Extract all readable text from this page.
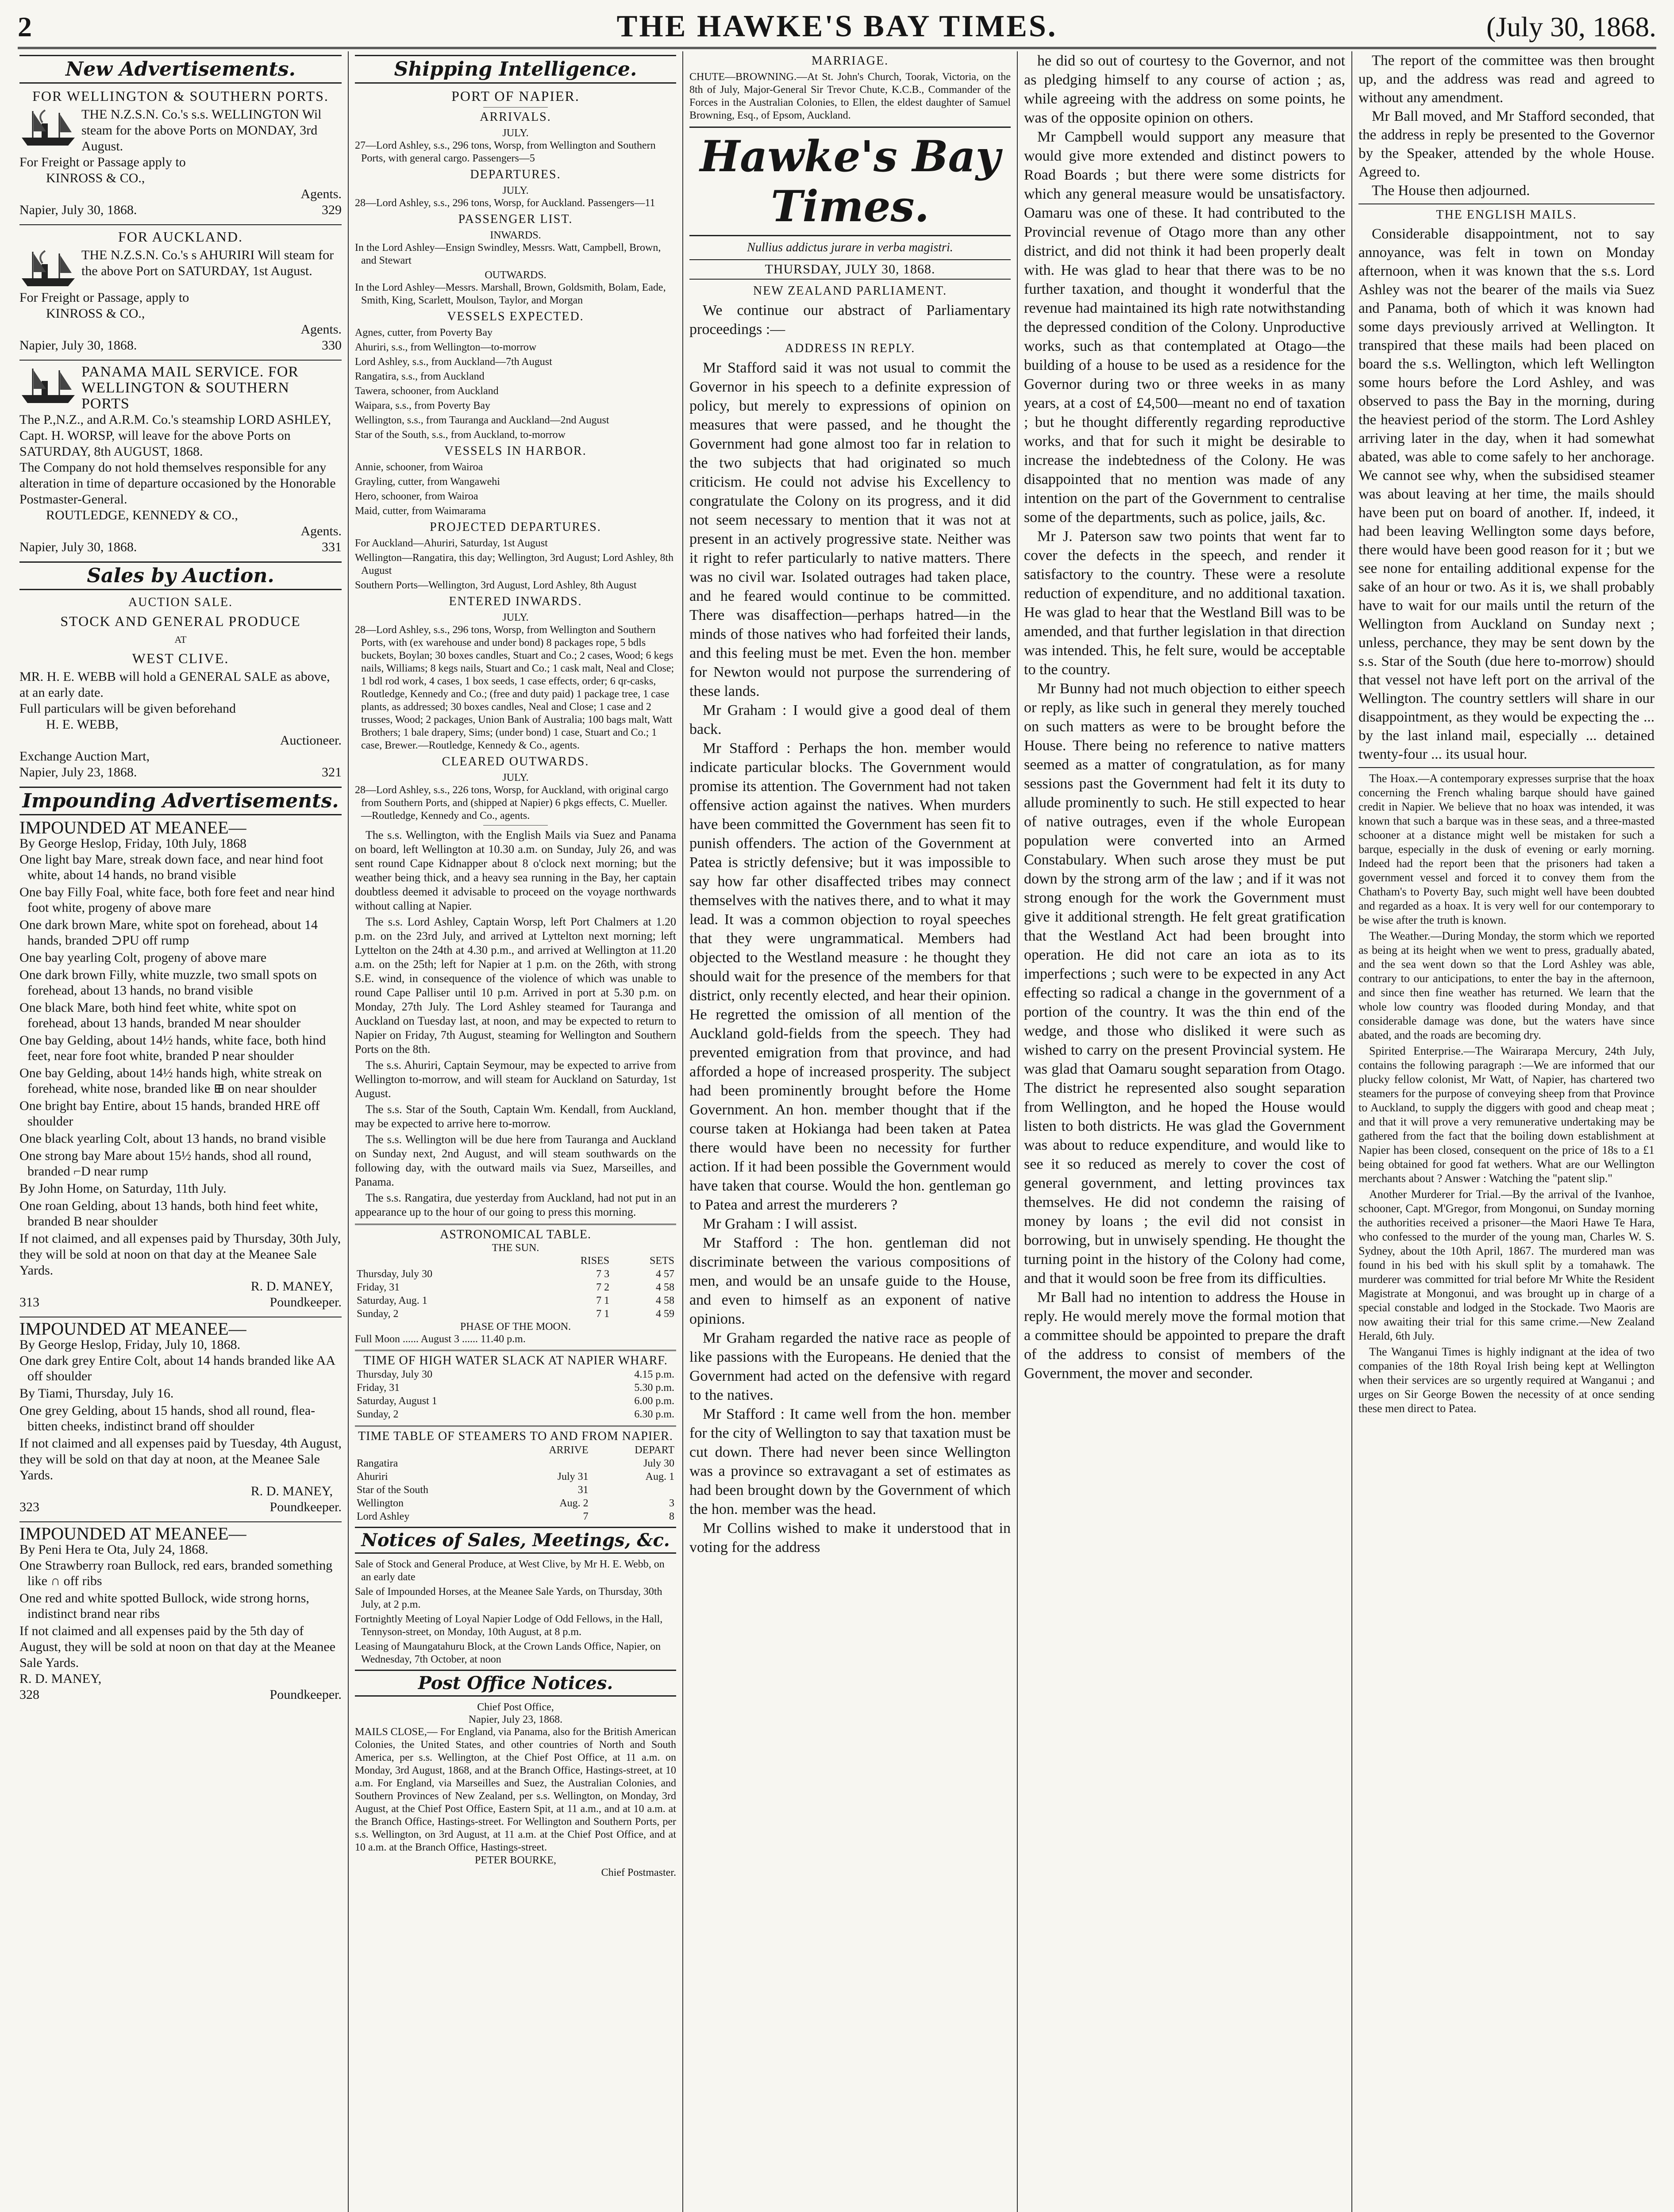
2	THE HAWKE'S BAY TIMES.	(July 30, 1868.
New Advertisements.
FOR WELLINGTON & SOUTHERN PORTS.
THE N.Z.S.N. Co.'s s.s. WELLINGTON Wil steam for the above Ports on MONDAY, 3rd August.
For Freight or Passage apply to
KINROSS & CO.,
Agents.
Napier, July 30, 1868.	329
FOR AUCKLAND.
THE N.Z.S.N. Co.'s s AHURIRI Will steam for the above Port on SATURDAY, 1st August.
For Freight or Passage, apply to
KINROSS & CO.,
Agents.
Napier, July 30, 1868.	330
PANAMA MAIL SERVICE. FOR WELLINGTON & SOUTHERN PORTS
The P.,N.Z., and A.R.M. Co.'s steamship LORD ASHLEY, Capt. H. WORSP, will leave for the above Ports on SATURDAY, 8th AUGUST, 1868.
The Company do not hold themselves responsible for any alteration in time of departure occasioned by the Honorable Postmaster-General.
ROUTLEDGE, KENNEDY & CO.,
Agents.
Napier, July 30, 1868.	331
Sales by Auction.
AUCTION SALE.
STOCK AND GENERAL PRODUCE
AT
WEST CLIVE.
MR. H. E. WEBB will hold a GENERAL SALE as above, at an early date.
Full particulars will be given beforehand
H. E. WEBB,
Auctioneer.
Exchange Auction Mart,
Napier, July 23, 1868.	321
Impounding Advertisements.
IMPOUNDED AT MEANEE—
By George Heslop, Friday, 10th July, 1868
One light bay Mare, streak down face, and near hind foot white, about 14 hands, no brand visible
One bay Filly Foal, white face, both fore feet and near hind foot white, progeny of above mare
One dark brown Mare, white spot on forehead, about 14 hands, branded ⊃PU off rump
One bay yearling Colt, progeny of above mare
One dark brown Filly, white muzzle, two small spots on forehead, about 13 hands, no brand visible
One black Mare, both hind feet white, white spot on forehead, about 13 hands, branded M near shoulder
One bay Gelding, about 14½ hands, white face, both hind feet, near fore foot white, branded P near shoulder
One bay Gelding, about 14½ hands high, white streak on forehead, white nose, branded like ⊞ on near shoulder
One bright bay Entire, about 15 hands, branded HRE off shoulder
One black yearling Colt, about 13 hands, no brand visible
One strong bay Mare about 15½ hands, shod all round, branded ⌐D near rump
By John Home, on Saturday, 11th July.
One roan Gelding, about 13 hands, both hind feet white, branded B near shoulder
If not claimed, and all expenses paid by Thursday, 30th July, they will be sold at noon on that day at the Meanee Sale Yards.
R. D. MANEY,
313	Poundkeeper.
IMPOUNDED AT MEANEE—
By George Heslop, Friday, July 10, 1868.
One dark grey Entire Colt, about 14 hands branded like AA off shoulder
By Tiami, Thursday, July 16.
One grey Gelding, about 15 hands, shod all round, flea-bitten cheeks, indistinct brand off shoulder
If not claimed and all expenses paid by Tuesday, 4th August, they will be sold on that day at noon, at the Meanee Sale Yards.
R. D. MANEY,
323	Poundkeeper.
IMPOUNDED AT MEANEE—
By Peni Hera te Ota, July 24, 1868.
One Strawberry roan Bullock, red ears, branded something like ∩ off ribs
One red and white spotted Bullock, wide strong horns, indistinct brand near ribs
If not claimed and all expenses paid by the 5th day of August, they will be sold at noon on that day at the Meanee Sale Yards.
R. D. MANEY,
328	Poundkeeper.
Shipping Intelligence.
PORT OF NAPIER.
ARRIVALS.
JULY.
27—Lord Ashley, s.s., 296 tons, Worsp, from Wellington and Southern Ports, with general cargo. Passengers—5
DEPARTURES.
JULY.
28—Lord Ashley, s.s., 296 tons, Worsp, for Auckland. Passengers—11
PASSENGER LIST.
INWARDS.
In the Lord Ashley—Ensign Swindley, Messrs. Watt, Campbell, Brown, and Stewart
OUTWARDS.
In the Lord Ashley—Messrs. Marshall, Brown, Goldsmith, Bolam, Eade, Smith, King, Scarlett, Moulson, Taylor, and Morgan
VESSELS EXPECTED.
Agnes, cutter, from Poverty Bay
Ahuriri, s.s., from Wellington—to-morrow
Lord Ashley, s.s., from Auckland—7th August
Rangatira, s.s., from Auckland
Tawera, schooner, from Auckland
Waipara, s.s., from Poverty Bay
Wellington, s.s., from Tauranga and Auckland—2nd August
Star of the South, s.s., from Auckland, to-morrow
VESSELS IN HARBOR.
Annie, schooner, from Wairoa
Grayling, cutter, from Wangawehi
Hero, schooner, from Wairoa
Maid, cutter, from Waimarama
PROJECTED DEPARTURES.
For Auckland—Ahuriri, Saturday, 1st August
Wellington—Rangatira, this day; Wellington, 3rd August; Lord Ashley, 8th August
Southern Ports—Wellington, 3rd August, Lord Ashley, 8th August
ENTERED INWARDS.
JULY.
28—Lord Ashley, s.s., 296 tons, Worsp, from Wellington and Southern Ports, with (ex warehouse and under bond) 8 packages rope, 5 bdls buckets, Boylan; 30 boxes candles, Stuart and Co.; 2 cases, Wood; 6 kegs nails, Williams; 8 kegs nails, Stuart and Co.; 1 cask malt, Neal and Close; 1 bdl rod work, 4 cases, 1 box seeds, 1 case effects, order; 6 qr-casks, Routledge, Kennedy and Co.; (free and duty paid) 1 package tree, 1 case plants, as addressed; 30 boxes candles, Neal and Close; 1 case and 2 trusses, Wood; 2 packages, Union Bank of Australia; 100 bags malt, Watt Brothers; 1 bale drapery, Sims; (under bond) 1 case, Stuart and Co.; 1 case, Brewer.—Routledge, Kennedy & Co., agents.
CLEARED OUTWARDS.
JULY.
28—Lord Ashley, s.s., 226 tons, Worsp, for Auckland, with original cargo from Southern Ports, and (shipped at Napier) 6 pkgs effects, C. Mueller.—Routledge, Kennedy and Co., agents.
The s.s. Wellington, with the English Mails via Suez and Panama on board, left Wellington at 10.30 a.m. on Sunday, July 26, and was sent round Cape Kidnapper about 8 o'clock next morning; but the weather being thick, and a heavy sea running in the Bay, her captain doubtless deemed it advisable to proceed on the voyage northwards without calling at Napier.
The s.s. Lord Ashley, Captain Worsp, left Port Chalmers at 1.20 p.m. on the 23rd July, and arrived at Lyttelton next morning; left Lyttelton on the 24th at 4.30 p.m., and arrived at Wellington at 11.20 a.m. on the 25th; left for Napier at 1 p.m. on the 26th, with strong S.E. wind, in consequence of the violence of which was unable to round Cape Palliser until 10 p.m. Arrived in port at 5.30 p.m. on Monday, 27th July. The Lord Ashley steamed for Tauranga and Auckland on Tuesday last, at noon, and may be expected to return to Napier on Friday, 7th August, steaming for Wellington and Southern Ports on the 8th.
The s.s. Ahuriri, Captain Seymour, may be expected to arrive from Wellington to-morrow, and will steam for Auckland on Saturday, 1st August.
The s.s. Star of the South, Captain Wm. Kendall, from Auckland, may be expected to arrive here to-morrow.
The s.s. Wellington will be due here from Tauranga and Auckland on Sunday next, 2nd August, and will steam southwards on the following day, with the outward mails via Suez, Marseilles, and Panama.
The s.s. Rangatira, due yesterday from Auckland, had not put in an appearance up to the hour of our going to press this morning.
ASTRONOMICAL TABLE.
THE SUN.
	RISES	SETS
Thursday, July 30	7 3	4 57
Friday, 31	7 2	4 58
Saturday, Aug. 1	7 1	4 58
Sunday, 2	7 1	4 59
PHASE OF THE MOON.
Full Moon ...... August 3 ...... 11.40 p.m.
TIME OF HIGH WATER SLACK AT NAPIER WHARF.
Thursday, July 30	4.15 p.m.
Friday, 31	5.30 p.m.
Saturday, August 1	6.00 p.m.
Sunday, 2	6.30 p.m.
TIME TABLE OF STEAMERS TO AND FROM NAPIER.
	ARRIVE	DEPART
Rangatira		July 30
Ahuriri	July 31	Aug. 1
Star of the South	31	
Wellington	Aug. 2	3
Lord Ashley	7	8
Notices of Sales, Meetings, &c.
Sale of Stock and General Produce, at West Clive, by Mr H. E. Webb, on an early date
Sale of Impounded Horses, at the Meanee Sale Yards, on Thursday, 30th July, at 2 p.m.
Fortnightly Meeting of Loyal Napier Lodge of Odd Fellows, in the Hall, Tennyson-street, on Monday, 10th August, at 8 p.m.
Leasing of Maungatahuru Block, at the Crown Lands Office, Napier, on Wednesday, 7th October, at noon
Post Office Notices.
Chief Post Office,
Napier, July 23, 1868.
MAILS CLOSE,— For England, via Panama, also for the British American Colonies, the United States, and other countries of North and South America, per s.s. Wellington, at the Chief Post Office, at 11 a.m. on Monday, 3rd August, 1868, and at the Branch Office, Hastings-street, at 10 a.m. For England, via Marseilles and Suez, the Australian Colonies, and Southern Provinces of New Zealand, per s.s. Wellington, on Monday, 3rd August, at the Chief Post Office, Eastern Spit, at 11 a.m., and at 10 a.m. at the Branch Office, Hastings-street. For Wellington and Southern Ports, per s.s. Wellington, on 3rd August, at 11 a.m. at the Chief Post Office, and at 10 a.m. at the Branch Office, Hastings-street.
PETER BOURKE,
Chief Postmaster.
MARRIAGE.
CHUTE—BROWNING.—At St. John's Church, Toorak, Victoria, on the 8th of July, Major-General Sir Trevor Chute, K.C.B., Commander of the Forces in the Australian Colonies, to Ellen, the eldest daughter of Samuel Browning, Esq., of Epsom, Auckland.
Hawke's Bay Times.
Nullius addictus jurare in verba magistri.
THURSDAY, JULY 30, 1868.
NEW ZEALAND PARLIAMENT.

We continue our abstract of Parliamentary proceedings :—

ADDRESS IN REPLY.

Mr Stafford said it was not usual to commit the Governor in his speech to a definite expression of policy, but merely to expressions of opinion on measures that were passed, and he thought the Government had gone almost too far in relation to the two subjects that had originated so much criticism. He could not advise his Excellency to congratulate the Colony on its progress, and it did not seem necessary to mention that it was not at present in an actively progressive state. Neither was it right to refer particularly to native matters. There was no civil war. Isolated outrages had taken place, and he feared would continue to be committed. There was disaffection—perhaps hatred—in the minds of those natives who had forfeited their lands, and this feeling must be met. Even the hon. member for Newton would not purpose the surrendering of these lands.

Mr Graham : I would give a good deal of them back.

Mr Stafford : Perhaps the hon. member would indicate particular blocks. The Government would promise its attention. The Government had not taken offensive action against the natives. When murders have been committed the Government has seen fit to punish offenders. The action of the Government at Patea is strictly defensive; but it was impossible to say how far other disaffected tribes may connect themselves with the natives there, and to what it may lead. It was a common objection to royal speeches that they were ungrammatical. Members had objected to the Westland measure : he thought they should wait for the presence of the members for that district, only recently elected, and hear their opinion. He regretted the omission of all mention of the Auckland gold-fields from the speech. They had prevented emigration from that province, and had afforded a hope of increased prosperity. The subject had been prominently brought before the Home Government. An hon. member thought that if the course taken at Hokianga had been taken at Patea there would have been no necessity for further action. If it had been possible the Government would have taken that course. Would the hon. gentleman go to Patea and arrest the murderers ?

Mr Graham : I will assist.

Mr Stafford : The hon. gentleman did not discriminate between the various compositions of men, and would be an unsafe guide to the House, and even to himself as an exponent of native opinions.

Mr Graham regarded the native race as people of like passions with the Europeans. He denied that the Government had acted on the defensive with regard to the natives.

Mr Stafford : It came well from the hon. member for the city of Wellington to say that taxation must be cut down. There had never been since Wellington was a province so extravagant a set of estimates as had been brought down by the Government of which the hon. member was the head.

Mr Collins wished to make it understood that in voting for the address

he did so out of courtesy to the Governor, and not as pledging himself to any course of action ; as, while agreeing with the address on some points, he was of the opposite opinion on others.

Mr Campbell would support any measure that would give more extended and distinct powers to Road Boards ; but there were some districts for which any general measure would be unsatisfactory. Oamaru was one of these. It had contributed to the Provincial revenue of Otago more than any other district, and did not think it had been properly dealt with. He was glad to hear that there was to be no further taxation, and thought it wonderful that the revenue had maintained its high rate notwithstanding the depressed condition of the Colony. Unproductive works, such as that contemplated at Otago—the building of a house to be used as a residence for the Governor during two or three weeks in as many years, at a cost of £4,500—meant no end of taxation ; but he thought differently regarding reproductive works, and that for such it might be desirable to increase the indebtedness of the Colony. He was disappointed that no mention was made of any intention on the part of the Government to centralise some of the departments, such as police, jails, &c.

Mr J. Paterson saw two points that went far to cover the defects in the speech, and render it satisfactory to the country. These were a resolute reduction of expenditure, and no additional taxation. He was glad to hear that the Westland Bill was to be amended, and that further legislation in that direction was intended. This, he felt sure, would be acceptable to the country.

Mr Bunny had not much objection to either speech or reply, as like such in general they merely touched on such matters as were to be brought before the House. There being no reference to native matters seemed as a matter of congratulation, as for many sessions past the Government had felt it its duty to allude prominently to such. He still expected to hear of native outrages, even if the whole European population were converted into an Armed Constabulary. When such arose they must be put down by the strong arm of the law ; and if it was not strong enough for the work the Government must give it additional strength. He felt great gratification that the Westland Act had been brought into operation. He did not care an iota as to its imperfections ; such were to be expected in any Act effecting so radical a change in the government of a portion of the country. It was the thin end of the wedge, and those who disliked it were such as wished to carry on the present Provincial system. He was glad that Oamaru sought separation from Otago. The district he represented also sought separation from Wellington, and he hoped the House would listen to both districts. He was glad the Government was about to reduce expenditure, and would like to see it so reduced as merely to cover the cost of general government, and letting provinces tax themselves. He did not condemn the raising of money by loans ; the evil did not consist in borrowing, but in unwisely spending. He thought the turning point in the history of the Colony had come, and that it would soon be free from its difficulties.

Mr Ball had no intention to address the House in reply. He would merely move the formal motion that a committee should be appointed to prepare the draft of the address to consist of members of the Government, the mover and seconder.

The report of the committee was then brought up, and the address was read and agreed to without any amendment.

Mr Ball moved, and Mr Stafford seconded, that the address in reply be presented to the Governor by the Speaker, attended by the whole House. Agreed to.

The House then adjourned.

THE ENGLISH MAILS.

Considerable disappointment, not to say annoyance, was felt in town on Monday afternoon, when it was known that the s.s. Lord Ashley was not the bearer of the mails via Suez and Panama, both of which it was known had some days previously arrived at Wellington. It transpired that these mails had been placed on board the s.s. Wellington, which left Wellington some hours before the Lord Ashley, and was observed to pass the Bay in the morning, during the heaviest period of the storm. The Lord Ashley arriving later in the day, when it had somewhat abated, was able to come safely to her anchorage. We cannot see why, when the subsidised steamer was about leaving at her time, the mails should have been put on board of another. If, indeed, it had been leaving Wellington some days before, there would have been good reason for it ; but we see none for entailing additional expense for the sake of an hour or two. As it is, we shall probably have to wait for our mails until the return of the Wellington from Auckland on Sunday next ; unless, perchance, they may be sent down by the s.s. Star of the South (due here to-morrow) should that vessel not have left port on the arrival of the Wellington. The country settlers will share in our disappointment, as they would be expecting the ... by the last inland mail, especially ... detained twenty-four ... its usual hour.

The Hoax.—A contemporary expresses surprise that the hoax concerning the French whaling barque should have gained credit in Napier. We believe that no hoax was intended, it was known that such a barque was in these seas, and a three-masted schooner at a distance might well be mistaken for such a barque, especially in the dusk of evening or early morning. Indeed had the report been that the prisoners had taken a government vessel and forced it to convey them from the Chatham's to Poverty Bay, such might well have been doubted and regarded as a hoax. It is very well for our contemporary to be wise after the truth is known.
The Weather.—During Monday, the storm which we reported as being at its height when we went to press, gradually abated, and the sea went down so that the Lord Ashley was able, contrary to our anticipations, to enter the bay in the afternoon, and since then fine weather has returned. We learn that the whole low country was flooded during Monday, and that considerable damage was done, but the waters have since abated, and the roads are becoming dry.
Spirited Enterprise.—The Wairarapa Mercury, 24th July, contains the following paragraph :—We are informed that our plucky fellow colonist, Mr Watt, of Napier, has chartered two steamers for the purpose of conveying sheep from that Province to Auckland, to supply the diggers with good and cheap meat ; and that it will prove a very remunerative undertaking may be gathered from the fact that the boiling down establishment at Napier has been closed, consequent on the price of 18s to a £1 being obtained for good fat wethers. What are our Wellington merchants about ? Answer : Watching the "patent slip."
Another Murderer for Trial.—By the arrival of the Ivanhoe, schooner, Capt. M'Gregor, from Mongonui, on Sunday morning the authorities received a prisoner—the Maori Hawe Te Hara, who confessed to the murder of the young man, Charles W. S. Sydney, about the 10th April, 1867. The murdered man was found in his bed with his skull split by a tomahawk. The murderer was committed for trial before Mr White the Resident Magistrate at Mongonui, and was brought up in charge of a special constable and lodged in the Stockade. Two Maoris are now awaiting their trial for this same crime.—New Zealand Herald, 6th July.
The Wanganui Times is highly indignant at the idea of two companies of the 18th Royal Irish being kept at Wellington when their services are so urgently required at Wanganui ; and urges on Sir George Bowen the necessity of at once sending these men direct to Patea.
